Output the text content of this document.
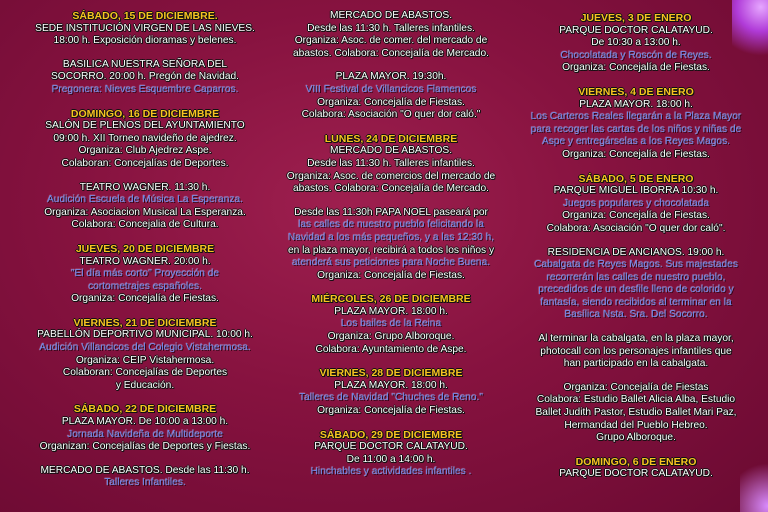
SÁBADO, 15 DE DICIEMBRE.
SEDE INSTITUCIÓN VIRGEN DE LAS NIEVES.
18:00 h. Exposición dioramas y belenes.
BASILICA NUESTRA SEÑORA DEL
SOCORRO. 20:00 h. Pregón de Navidad.
Pregonera: Nieves Esquembre Caparros.
DOMINGO, 16 DE DICIEMBRE
SALÓN DE PLENOS DEL AYUNTAMIENTO
09:00 h. XII Torneo navideño de ajedrez.
Organiza: Club Ajedrez Aspe.
Colaboran: Concejalías de Deportes.
TEATRO WAGNER. 11:30 h.
Audición Escuela de Música La Esperanza.
Organiza: Asociacion Musical La Esperanza.
Colabora: Concejalia de Cultura.
JUEVES, 20 DE DICIEMBRE
TEATRO WAGNER. 20:00 h.
"El día más corto" Proyección de
cortometrajes españoles.
Organiza: Concejalía de Fiestas.
VIERNES, 21 DE DICIEMBRE
PABELLÓN DEPORTIVO MUNICIPAL. 10:00 h.
Audición Villancicos del Colegio Vistahermosa.
Organiza: CEIP Vistahermosa.
Colaboran: Concejalías de Deportes
y Educación.
SÁBADO, 22 DE DICIEMBRE
PLAZA MAYOR. De 10:00 a 13:00 h.
Jornada Navideña de Multideporte
Organizan: Concejalías de Deportes y Fiestas.
MERCADO DE ABASTOS. Desde las 11:30 h.
Talleres Infantiles.
MERCADO DE ABASTOS.
Desde las 11:30 h. Talleres infantiles.
Organiza: Asoc. de comer. del mercado de
abastos. Colabora: Concejalía de Mercado.
PLAZA MAYOR. 19:30h.
VIII Festival de Villancicos Flamencos
Organiza: Concejalía de Fiestas.
Colabora: Asociación "O quer dor caló."
LUNES, 24 DE DICIEMBRE
MERCADO DE ABASTOS.
Desde las 11:30 h. Talleres infantiles.
Organiza: Asoc. de comercios del mercado de
abastos. Colabora: Concejalía de Mercado.
Desde las 11:30h PAPA NOEL paseará por
las calles de nuestro pueblo felicitando la
Navidad a los más pequeños, y a las 12:30 h,
en la plaza mayor, recibirá a todos los niños y
atenderá sus peticiones para Noche Buena.
Organiza: Concejalía de Fiestas.
MIÉRCOLES, 26 DE DICIEMBRE
PLAZA MAYOR. 18:00 h.
Los bailes de la Reina
Organiza: Grupo Alboroque.
Colabora: Ayuntamiento de Aspe.
VIERNES, 28 DE DICIEMBRE
PLAZA MAYOR. 18:00 h.
Talleres de Navidad "Chuches de Reno."
Organiza: Concejalía de Fiestas.
SÁBADO, 29 DE DICIEMBRE
PARQUE DOCTOR CALATAYUD.
De 11:00 a 14:00 h.
Hinchables y actividades infantiles .
JUEVES, 3 DE ENERO
PARQUE DOCTOR CALATAYUD.
De 10:30 a 13:00 h.
Chocolatada y Roscón de Reyes.
Organiza: Concejalía de Fiestas.
VIERNES, 4 DE ENERO
PLAZA MAYOR. 18:00 h.
Los Carteros Reales llegarán a la Plaza Mayor
para recoger las cartas de los niños y niñas de
Aspe y entregárselas a los Reyes Magos.
Organiza: Concejalía de Fiestas.
SÁBADO, 5 DE ENERO
PARQUE MIGUEL IBORRA 10:30 h.
Juegos populares y chocolatada
Organiza: Concejalía de Fiestas.
Colabora: Asociación "O quer dor caló".
RESIDENCIA DE ANCIANOS. 19:00 h.
Cabalgata de Reyes Magos. Sus majestades
recorrerán las calles de nuestro pueblo,
precedidos de un desfile lleno de colorido y
fantasía, siendo recibidos al terminar en la
Basílica Nsta. Sra. Del Socorro.
Al terminar la cabalgata, en la plaza mayor,
photocall con los personajes infantiles que
han participado en la cabalgata.
Organiza: Concejalía de Fiestas
Colabora: Estudio Ballet Alicia Alba, Estudio
Ballet Judith Pastor, Estudio Ballet Mari Paz,
Hermandad del Pueblo Hebreo.
Grupo Alboroque.
DOMINGO, 6 DE ENERO
PARQUE DOCTOR CALATAYUD.
